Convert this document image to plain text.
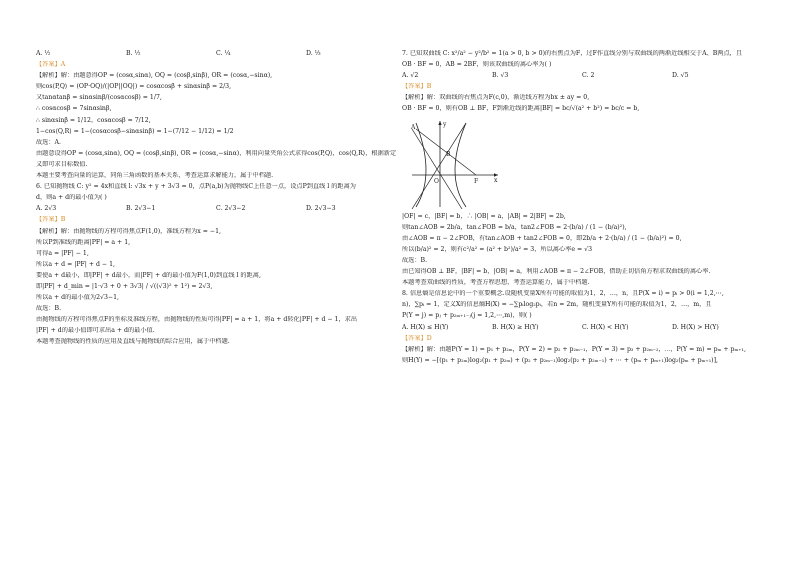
A. ½	B. ½	C. ¼	D. ⅓
【答案】A
【解析】解：由题意得OP = (cosα,sinα), OQ = (cosβ,sinβ), OR = (cosα,−sinα),
则cos⟨P,Q⟩ = (OP·OQ)/(|OP||OQ|) = cosαcosβ + sinαsinβ = 2/3,
又tanαtanβ = sinαsinβ/(cosαcosβ) = 1/7,
∴ cosαcosβ = 7sinαsinβ,
∴ sinαsinβ = 1/12，cosαcosβ = 7/12,
1−cos⟨Q,R⟩ = 1−(cosαcosβ−sinαsinβ) = 1−(7/12 − 1/12) = 1/2
故选：A.
由题意设得OP = (cosα,sinα), OQ = (cosβ,sinβ), OR = (cosα,−sinα)，利用向量夹角公式求得cos⟨P,Q⟩，cos⟨Q,R⟩，根据新定
义即可求目标数值.
本题主要考查向量的运算，同角三角函数的基本关系，考查运算求解能力，属于中档题.
6. 已知抛物线 C: y² = 4x和直线 l: √3x + y + 3√3 = 0，点P(a,b)为抛物线C上任意一点，设点P到直线 l 的距离为
d，则a + d的最小值为( )
A. 2√3	B. 2√3−1	C. 2√3−2	D. 2√3−3
【答案】B
【解析】解：由抛物线的方程可得焦点F(1,0)，准线方程为x = −1,
所以P到准线的距离|PF| = a + 1,
可得a = |PF| − 1,
所以a + d = |PF| + d − 1,
要使a + d最小，即|PF| + d最小，而|PF| + d的最小值为F(1,0)到直线 l 的距离,
即|PF| + d_min = |1·√3 + 0 + 3√3| / √((√3)² + 1²) = 2√3,
所以a + d的最小值为2√3−1,
故选：B.
由抛物线的方程可得焦点F的坐标及准线方程，由抛物线的性质可得|PF| = a + 1，将a + d转化|PF| + d − 1，求出
|PF| + d的最小值即可求出a + d的最小值.
本题考查抛物线的性质的应用及直线与抛物线的综合应用，属于中档题.
7. 已知双曲线 C: x²/a² − y²/b² = 1(a > 0, b > 0)的右焦点为F，过F作直线分别与双曲线的两渐近线相交于A、B两点，且
OB · BF = 0，AB = 2BF，则该双曲线的离心率为( )
A. √2	B. √3	C. 2	D. √5
【答案】B
【解析】解：双曲线的右焦点为F(c,0)，渐近线方程为bx ± ay = 0,
OB · BF = 0，则有OB ⊥ BF，F到渐近线的距离|BF| = bc/√(a² + b²) = bc/c = b,
y
x
A
B
O	F
|OF| = c，|BF| = b，∴ |OB| = a，|AB| = 2|BF| = 2b,
则tan∠AOB = 2b/a，tan∠FOB = b/a，tan2∠FOB = 2·(b/a) / (1 − (b/a)²),
由∠AOB = π − 2∠FOB，有tan∠AOB + tan2∠FOB = 0，即2b/a + 2·(b/a) / (1 − (b/a)²) = 0,
所以(b/a)² = 2，则有c²/a² = (a² + b²)/a² = 3，所以离心率e = √3
故选：B.
由已知得OB ⊥ BF，|BF| = b，|OB| = a，利用∠AOB = π − 2∠FOB，借助正切倍角方程求双曲线的离心率.
本题考查双曲线的性质，考查方程思想，考查运算能力，属于中档题.
8. 信息熵是信息论中的一个重要概念.设随机变量X所有可能的取值为1，2，…，n，且P(X = i) = pᵢ > 0(i = 1,2,⋯,
n)，∑pᵢ = 1，定义X的信息熵H(X) = −∑pᵢlog₂pᵢ，若n = 2m，随机变量Y所有可能的取值为1，2，…，m，且
P(Y = j) = pⱼ + p₂ₘ₊₁₋ⱼ(j = 1,2,⋯,m)，则( )
A. H(X) ≤ H(Y)	B. H(X) ≥ H(Y)	C. H(X) < H(Y)	D. H(X) > H(Y)
【答案】D
【解析】解：由题P(Y = 1) = p₁ + p₂ₘ，P(Y = 2) = p₂ + p₂ₘ₋₁，P(Y = 3) = p₃ + p₂ₘ₋₂，⋯，P(Y = m) = pₘ + pₘ₊₁,
则H(Y) = −[(p₁ + p₂ₘ)log₂(p₁ + p₂ₘ) + (p₂ + p₂ₘ₋₁)log₂(p₂ + p₂ₘ₋₁) + ⋯ + (pₘ + pₘ₊₁)log₂(pₘ + pₘ₊₁)],
